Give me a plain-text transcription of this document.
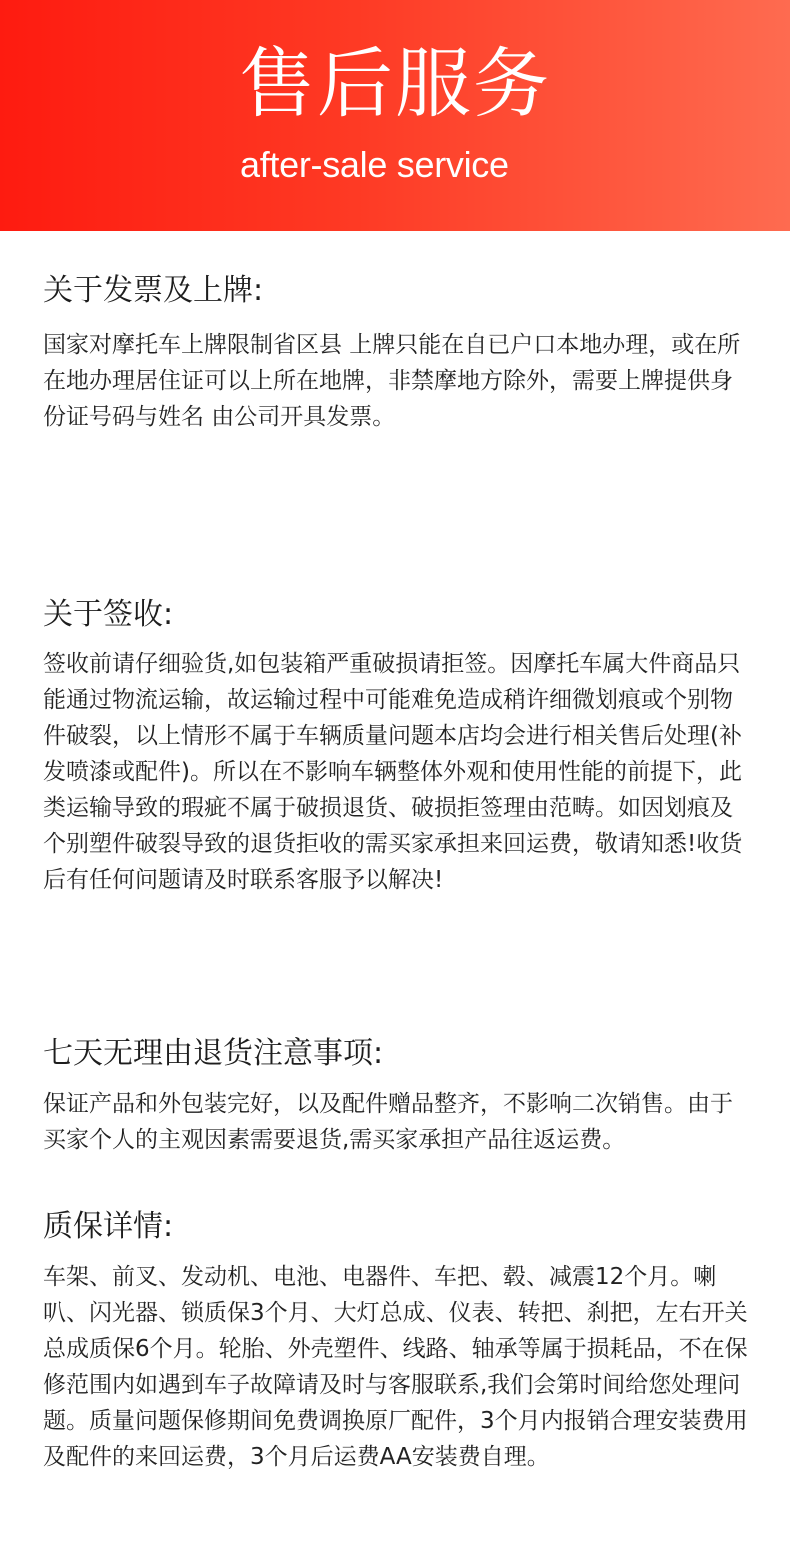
售后服务
after-sale service
关于发票及上牌:

国家对摩托车上牌限制省区县 上牌只能在自已户口本地办理，或在所在地办理居住证可以上所在地牌，非禁摩地方除外，需要上牌提供身份证号码与姓名 由公司开具发票。

关于签收:

签收前请仔细验货,如包装箱严重破损请拒签。因摩托车属大件商品只能通过物流运输，故运输过程中可能难免造成稍许细微划痕或个别物件破裂，以上情形不属于车辆质量问题本店均会进行相关售后处理(补 发喷漆或配件)。所以在不影响车辆整体外观和使用性能的前提下，此类运输导致的瑕疵不属于破损退货、破损拒签理由范畴。如因划痕及个别塑件破裂导致的退货拒收的需买家承担来回运费，敬请知悉!收货后有任何问题请及时联系客服予以解决!

七天无理由退货注意事项:

保证产品和外包装完好，以及配件赠品整齐，不影响二次销售。由于买家个人的主观因素需要退货,需买家承担产品往返运费。

质保详情:

车架、前叉、发动机、电池、电器件、车把、毂、减震12个月。喇叭、闪光器、锁质保3个月、大灯总成、仪表、转把、刹把，左右开关总成质保6个月。轮胎、外壳塑件、线路、轴承等属于损耗品，不在保修范围内如遇到车子故障请及时与客服联系,我们会第时间给您处理问题。质量问题保修期间免费调换原厂配件，3个月内报销合理安装费用及配件的来回运费，3个月后运费AA安装费自理。
